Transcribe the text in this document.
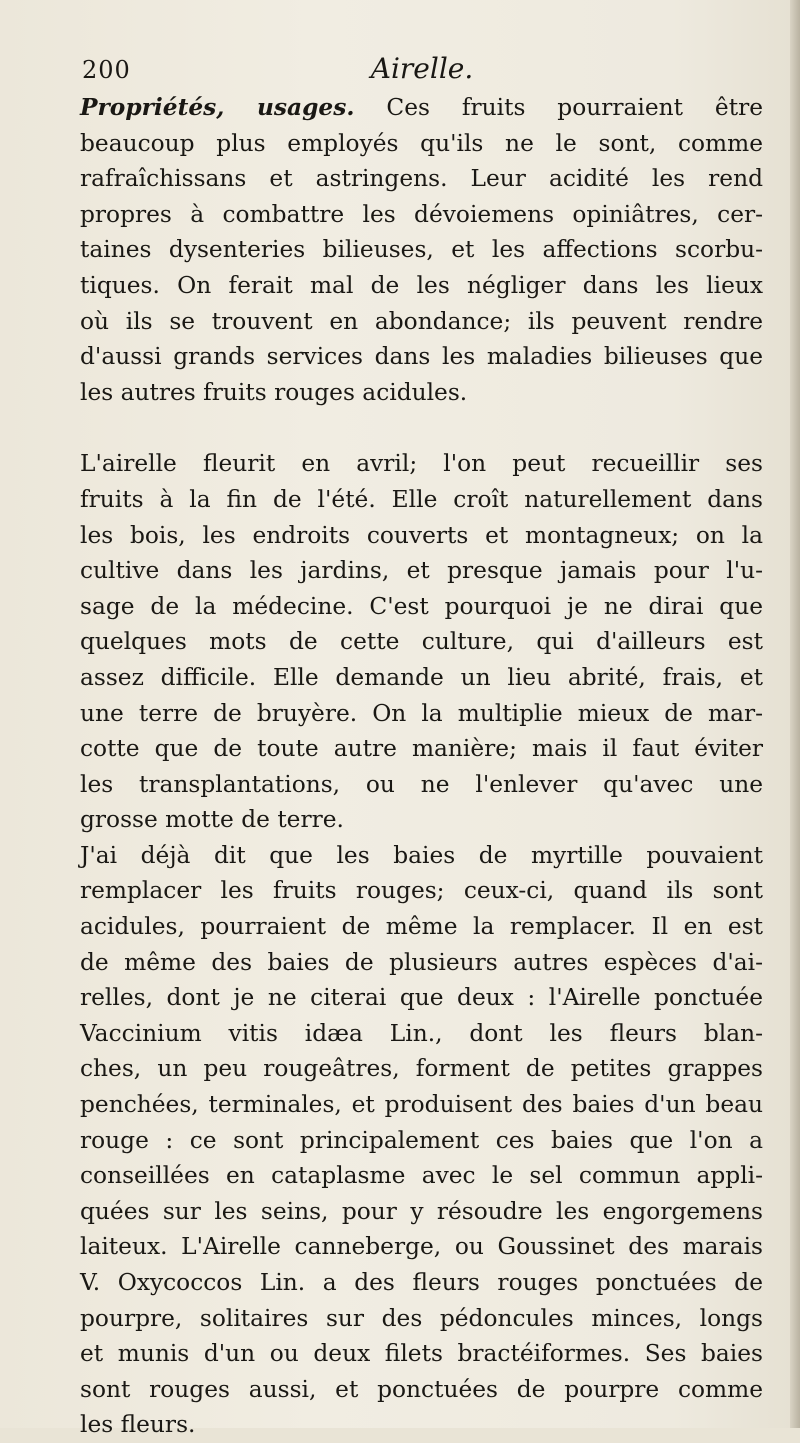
200	Airelle.

Propriétés, usages. Ces fruits pourraient être
beaucoup plus employés qu'ils ne le sont, comme
rafraîchissans et astringens. Leur acidité les rend
propres à combattre les dévoiemens opiniâtres, cer-
taines dysenteries bilieuses, et les affections scorbu-
tiques. On ferait mal de les négliger dans les lieux
où ils se trouvent en abondance; ils peuvent rendre
d'aussi grands services dans les maladies bilieuses que
les autres fruits rouges acidules.

L'airelle fleurit en avril; l'on peut recueillir ses
fruits à la fin de l'été. Elle croît naturellement dans
les bois, les endroits couverts et montagneux; on la
cultive dans les jardins, et presque jamais pour l'u-
sage de la médecine. C'est pourquoi je ne dirai que
quelques mots de cette culture, qui d'ailleurs est
assez difficile. Elle demande un lieu abrité, frais, et
une terre de bruyère. On la multiplie mieux de mar-
cotte que de toute autre manière; mais il faut éviter
les transplantations, ou ne l'enlever qu'avec une
grosse motte de terre.

J'ai déjà dit que les baies de myrtille pouvaient
remplacer les fruits rouges; ceux-ci, quand ils sont
acidules, pourraient de même la remplacer. Il en est
de même des baies de plusieurs autres espèces d'ai-
relles, dont je ne citerai que deux : l'Airelle ponctuée
Vaccinium vitis idæa Lin., dont les fleurs blan-
ches, un peu rougeâtres, forment de petites grappes
penchées, terminales, et produisent des baies d'un beau
rouge : ce sont principalement ces baies que l'on a
conseillées en cataplasme avec le sel commun appli-
quées sur les seins, pour y résoudre les engorgemens
laiteux. L'Airelle canneberge, ou Goussinet des marais
V. Oxycoccos Lin. a des fleurs rouges ponctuées de
pourpre, solitaires sur des pédoncules minces, longs
et munis d'un ou deux filets bractéiformes. Ses baies
sont rouges aussi, et ponctuées de pourpre comme
les fleurs.
